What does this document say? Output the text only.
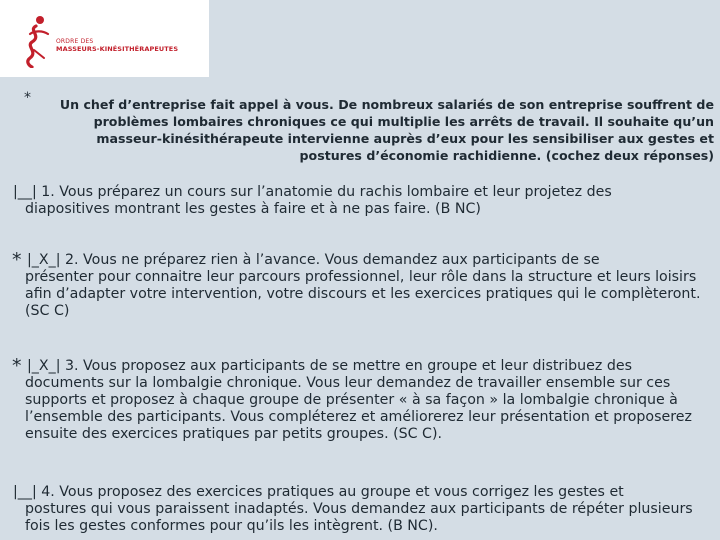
ORDRE DES
MASSEURS-KINÉSITHÉRAPEUTES
*	Un chef d’entreprise fait appel à vous. De nombreux salariés de son entreprise souffrent de problèmes lombaires chroniques ce qui multiplie les arrêts de travail. Il souhaite qu’un masseur-kinésithérapeute intervienne auprès d’eux pour les sensibiliser aux gestes et postures d’économie rachidienne. (cochez deux réponses)
|__| 1. Vous préparez un cours sur l’anatomie du rachis lombaire et leur projetez des
diapositives montrant les gestes à faire et à ne pas faire. (B NC)
* |_X_| 2. Vous ne préparez rien à l’avance. Vous demandez aux participants de se
présenter pour connaitre leur parcours professionnel, leur rôle dans la structure et leurs loisirs afin d’adapter votre intervention, votre discours et les exercices pratiques qui le complèteront. (SC C)
* |_X_| 3. Vous proposez aux participants de se mettre en groupe et leur distribuez des
documents sur la lombalgie chronique. Vous leur demandez de travailler ensemble sur ces supports et proposez à chaque groupe de présenter « à sa façon » la lombalgie chronique à l’ensemble des participants. Vous compléterez et améliorerez leur présentation et proposerez ensuite des exercices pratiques par petits groupes. (SC C).
|__| 4. Vous proposez des exercices pratiques au groupe et vous corrigez les gestes et
postures qui vous paraissent inadaptés. Vous demandez aux participants de répéter plusieurs fois les gestes conformes pour qu’ils les intègrent. (B NC).
